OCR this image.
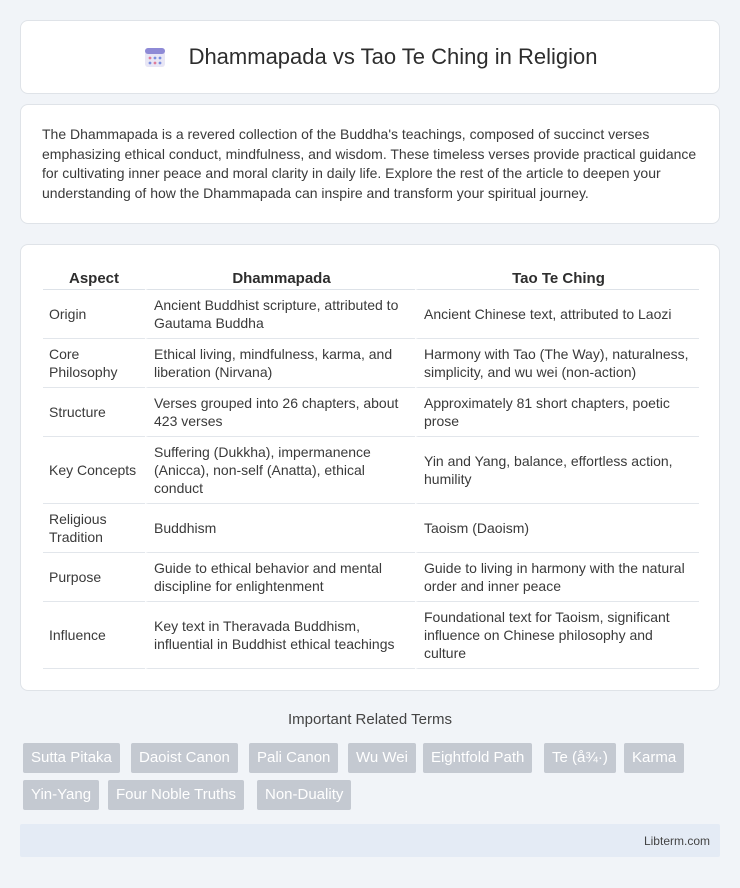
Dhammapada vs Tao Te Ching in Religion

The Dhammapada is a revered collection of the Buddha's teachings, composed of succinct verses emphasizing ethical conduct, mindfulness, and wisdom. These timeless verses provide practical guidance for cultivating inner peace and moral clarity in daily life. Explore the rest of the article to deepen your understanding of how the Dhammapada can inspire and transform your spiritual journey.

Aspect	Dhammapada	Tao Te Ching
Origin	Ancient Buddhist scripture, attributed to Gautama Buddha	Ancient Chinese text, attributed to Laozi
Core Philosophy	Ethical living, mindfulness, karma, and liberation (Nirvana)	Harmony with Tao (The Way), naturalness, simplicity, and wu wei (non-action)
Structure	Verses grouped into 26 chapters, about 423 verses	Approximately 81 short chapters, poetic prose
Key Concepts	Suffering (Dukkha), impermanence (Anicca), non-self (Anatta), ethical conduct	Yin and Yang, balance, effortless action, humility
Religious Tradition	Buddhism	Taoism (Daoism)
Purpose	Guide to ethical behavior and mental discipline for enlightenment	Guide to living in harmony with the natural order and inner peace
Influence	Key text in Theravada Buddhism, influential in Buddhist ethical teachings	Foundational text for Taoism, significant influence on Chinese philosophy and culture
Important Related Terms
Sutta Pitaka	Daoist Canon	Pali Canon	Wu Wei	Eightfold Path	Te (å¾·)	Karma
Yin-Yang	Four Noble Truths	Non-Duality
Libterm.com
